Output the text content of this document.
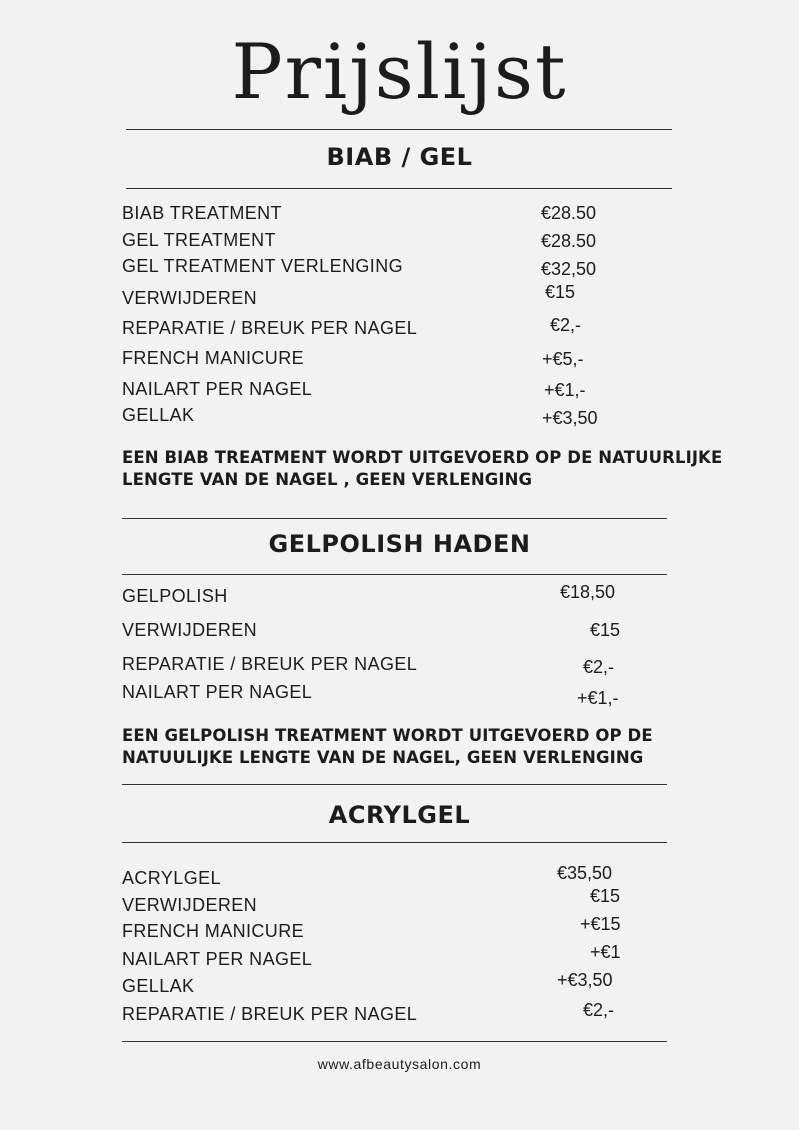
Prijslijst
BIAB / GEL
BIAB TREATMENT	€28.50
GEL TREATMENT	€28.50
GEL TREATMENT VERLENGING	€32,50
VERWIJDEREN	€15
REPARATIE / BREUK PER NAGEL	€2,-
FRENCH MANICURE	+€5,-
NAILART PER NAGEL	+€1,-
GELLAK	+€3,50
EEN BIAB TREATMENT WORDT UITGEVOERD OP DE NATUURLIJKE LENGTE VAN DE NAGEL , GEEN VERLENGING
GELPOLISH HADEN
GELPOLISH	€18,50
VERWIJDEREN	€15
REPARATIE / BREUK PER NAGEL	€2,-
NAILART PER NAGEL	+€1,-
EEN GELPOLISH TREATMENT WORDT UITGEVOERD OP DE NATUULIJKE LENGTE VAN DE NAGEL, GEEN VERLENGING
ACRYLGEL
ACRYLGEL	€35,50
VERWIJDEREN	€15
FRENCH MANICURE	+€15
NAILART PER NAGEL	+€1
GELLAK	+€3,50
REPARATIE / BREUK PER NAGEL	€2,-
www.afbeautysalon.com
